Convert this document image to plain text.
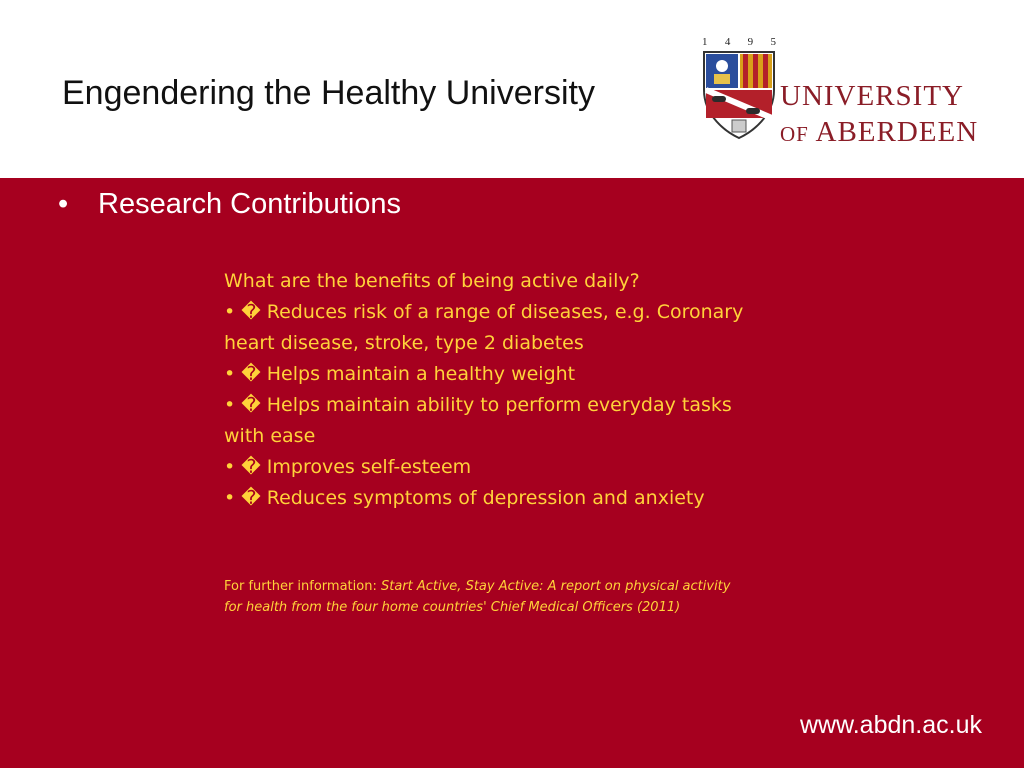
Engendering the Healthy University
1 4 9 5
UNIVERSITY
OF ABERDEEN
• Research Contributions

What are the benefits of being active daily?

• � Reduces risk of a range of diseases, e.g. Coronary heart disease, stroke, type 2 diabetes

• � Helps maintain a healthy weight

• � Helps maintain ability to perform everyday tasks with ease

• � Improves self-esteem

• � Reduces symptoms of depression and anxiety

For further information: Start Active, Stay Active: A report on physical activity for health from the four home countries' Chief Medical Officers (2011)
www.abdn.ac.uk
